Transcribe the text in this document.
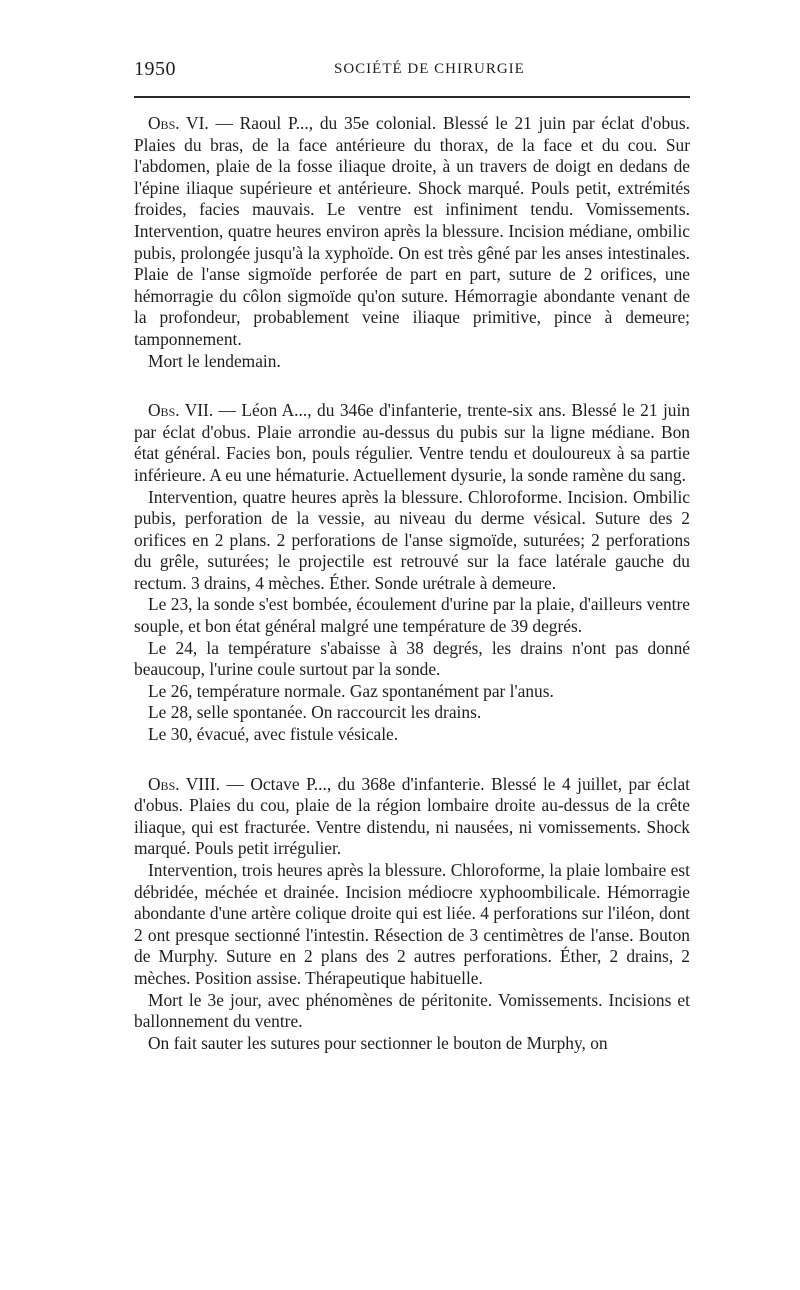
1950	SOCIÉTÉ DE CHIRURGIE

Obs. VI. — Raoul P..., du 35e colonial. Blessé le 21 juin par éclat d'obus. Plaies du bras, de la face antérieure du thorax, de la face et du cou. Sur l'abdomen, plaie de la fosse iliaque droite, à un travers de doigt en dedans de l'épine iliaque supérieure et antérieure. Shock marqué. Pouls petit, extrémités froides, facies mauvais. Le ventre est infiniment tendu. Vomissements. Intervention, quatre heures environ après la blessure. Incision médiane, ombilic pubis, prolongée jusqu'à la xyphoïde. On est très gêné par les anses intestinales. Plaie de l'anse sigmoïde perforée de part en part, suture de 2 orifices, une hémorragie du côlon sigmoïde qu'on suture. Hémorragie abondante venant de la profondeur, probablement veine iliaque primitive, pince à demeure; tamponnement.

Mort le lendemain.

Obs. VII. — Léon A..., du 346e d'infanterie, trente-six ans. Blessé le 21 juin par éclat d'obus. Plaie arrondie au-dessus du pubis sur la ligne médiane. Bon état général. Facies bon, pouls régulier. Ventre tendu et douloureux à sa partie inférieure. A eu une hématurie. Actuellement dysurie, la sonde ramène du sang.

Intervention, quatre heures après la blessure. Chloroforme. Incision. Ombilic pubis, perforation de la vessie, au niveau du derme vésical. Suture des 2 orifices en 2 plans. 2 perforations de l'anse sigmoïde, suturées; 2 perforations du grêle, suturées; le projectile est retrouvé sur la face latérale gauche du rectum. 3 drains, 4 mèches. Éther. Sonde urétrale à demeure.

Le 23, la sonde s'est bombée, écoulement d'urine par la plaie, d'ailleurs ventre souple, et bon état général malgré une température de 39 degrés.

Le 24, la température s'abaisse à 38 degrés, les drains n'ont pas donné beaucoup, l'urine coule surtout par la sonde.

Le 26, température normale. Gaz spontanément par l'anus.

Le 28, selle spontanée. On raccourcit les drains.

Le 30, évacué, avec fistule vésicale.

Obs. VIII. — Octave P..., du 368e d'infanterie. Blessé le 4 juillet, par éclat d'obus. Plaies du cou, plaie de la région lombaire droite au-dessus de la crête iliaque, qui est fracturée. Ventre distendu, ni nausées, ni vomissements. Shock marqué. Pouls petit irrégulier.

Intervention, trois heures après la blessure. Chloroforme, la plaie lombaire est débridée, méchée et drainée. Incision médiocre xyphoombilicale. Hémorragie abondante d'une artère colique droite qui est liée. 4 perforations sur l'iléon, dont 2 ont presque sectionné l'intestin. Résection de 3 centimètres de l'anse. Bouton de Murphy. Suture en 2 plans des 2 autres perforations. Éther, 2 drains, 2 mèches. Position assise. Thérapeutique habituelle.

Mort le 3e jour, avec phénomènes de péritonite. Vomissements. Incisions et ballonnement du ventre.

On fait sauter les sutures pour sectionner le bouton de Murphy, on
